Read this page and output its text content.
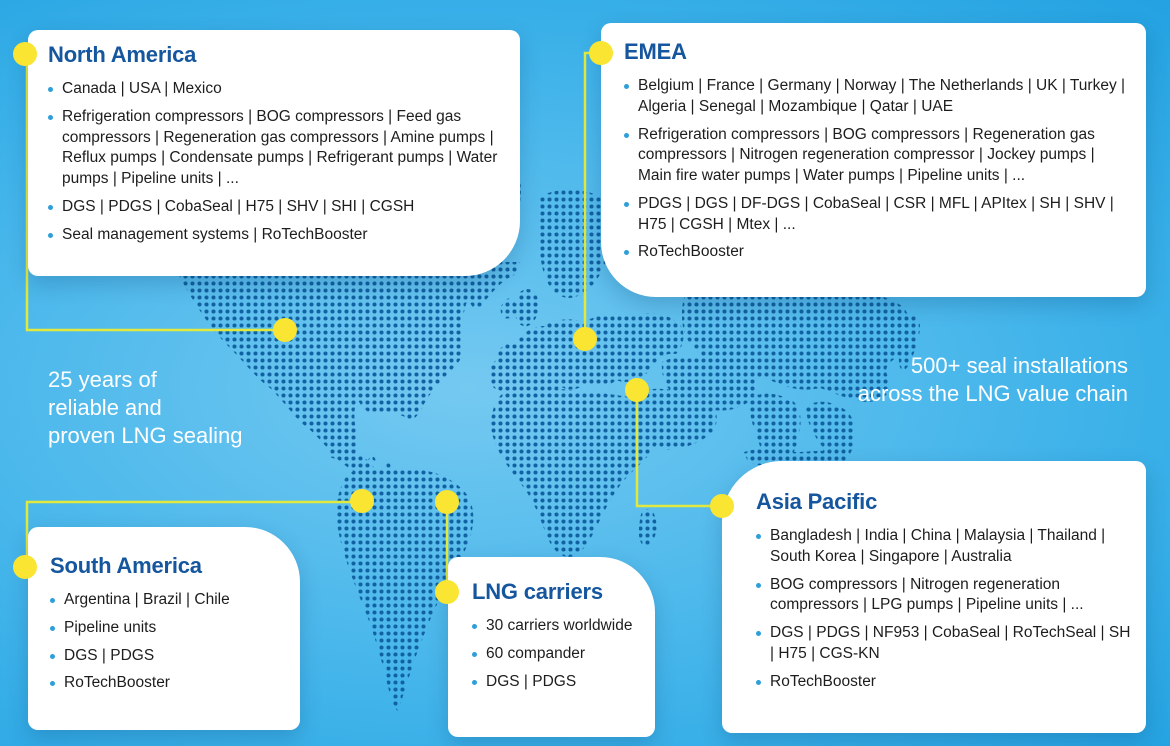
25 years of
reliable and
proven LNG sealing
500+ seal installations
across the LNG value chain
North America
Canada | USA | Mexico
Refrigeration compressors | BOG compressors | Feed gas compressors | Regeneration gas compressors | Amine pumps | Reflux pumps | Condensate pumps | Refrigerant pumps | Water pumps | Pipeline units | ...
DGS | PDGS | CobaSeal | H75 | SHV | SHI | CGSH
Seal management systems | RoTechBooster
EMEA
Belgium | France | Germany | Norway | The Netherlands | UK | Turkey | Algeria | Senegal | Mozambique | Qatar | UAE
Refrigeration compressors | BOG compressors | Regeneration gas compressors | Nitrogen regeneration compressor | Jockey pumps | Main fire water pumps | Water pumps | Pipeline units | ...
PDGS | DGS | DF-DGS | CobaSeal | CSR | MFL | APItex | SH | SHV | H75 | CGSH | Mtex | ...
RoTechBooster
South America
Argentina | Brazil | Chile
Pipeline units
DGS | PDGS
RoTechBooster
LNG carriers
30 carriers worldwide
60 compander
DGS | PDGS
Asia Pacific
Bangladesh | India | China | Malaysia | Thailand | South Korea | Singapore | Australia
BOG compressors | Nitrogen regeneration compressors | LPG pumps | Pipeline units | ...
DGS | PDGS | NF953 | CobaSeal | RoTechSeal | SH | H75 | CGS-KN
RoTechBooster
